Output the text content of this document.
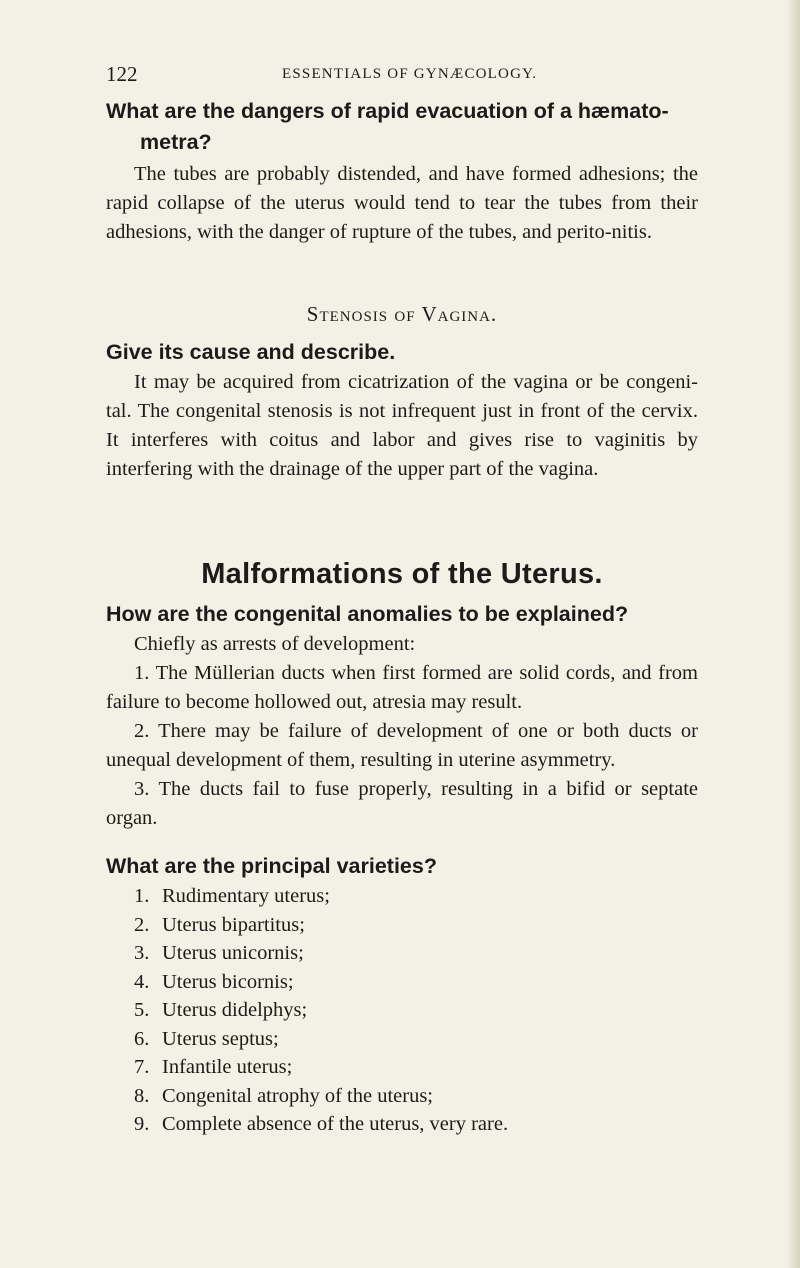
122	ESSENTIALS OF GYNÆCOLOGY.

What are the dangers of rapid evacuation of a hæmato-
metra?

The tubes are probably distended, and have formed adhesions; the rapid collapse of the uterus would tend to tear the tubes from their adhesions, with the danger of rupture of the tubes, and perito-nitis.

Stenosis of Vagina.

Give its cause and describe.

It may be acquired from cicatrization of the vagina or be congeni-tal. The congenital stenosis is not infrequent just in front of the cervix. It interferes with coitus and labor and gives rise to vaginitis by interfering with the drainage of the upper part of the vagina.

Malformations of the Uterus.

How are the congenital anomalies to be explained?

Chiefly as arrests of development:

1. The Müllerian ducts when first formed are solid cords, and from failure to become hollowed out, atresia may result.

2. There may be failure of development of one or both ducts or unequal development of them, resulting in uterine asymmetry.

3. The ducts fail to fuse properly, resulting in a bifid or septate organ.

What are the principal varieties?

1. Rudimentary uterus;
2. Uterus bipartitus;
3. Uterus unicornis;
4. Uterus bicornis;
5. Uterus didelphys;
6. Uterus septus;
7. Infantile uterus;
8. Congenital atrophy of the uterus;
9. Complete absence of the uterus, very rare.
